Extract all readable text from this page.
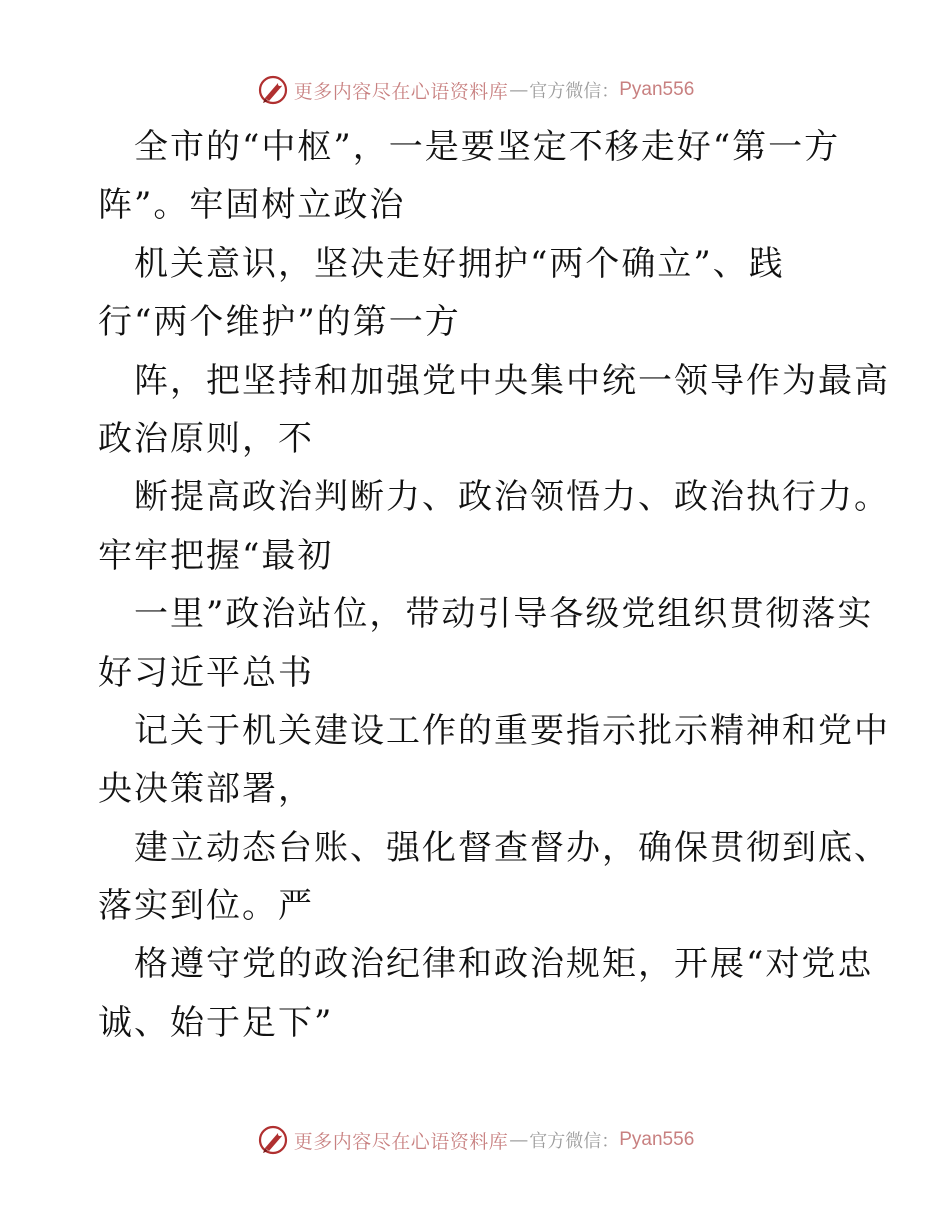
更多内容尽在心语资料库 — 官方微信： Pyan556
全市的“中枢”，一是要坚定不移走好“第一方
阵”。牢固树立政治
机关意识，坚决走好拥护“两个确立”、践
行“两个维护”的第一方
阵，把坚持和加强党中央集中统一领导作为最高
政治原则，不
断提高政治判断力、政治领悟力、政治执行力。
牢牢把握“最初
一里”政治站位，带动引导各级党组织贯彻落实
好习近平总书
记关于机关建设工作的重要指示批示精神和党中
央决策部署，
建立动态台账、强化督查督办，确保贯彻到底、
落实到位。严
格遵守党的政治纪律和政治规矩，开展“对党忠
诚、始于足下”
更多内容尽在心语资料库 — 官方微信： Pyan556
